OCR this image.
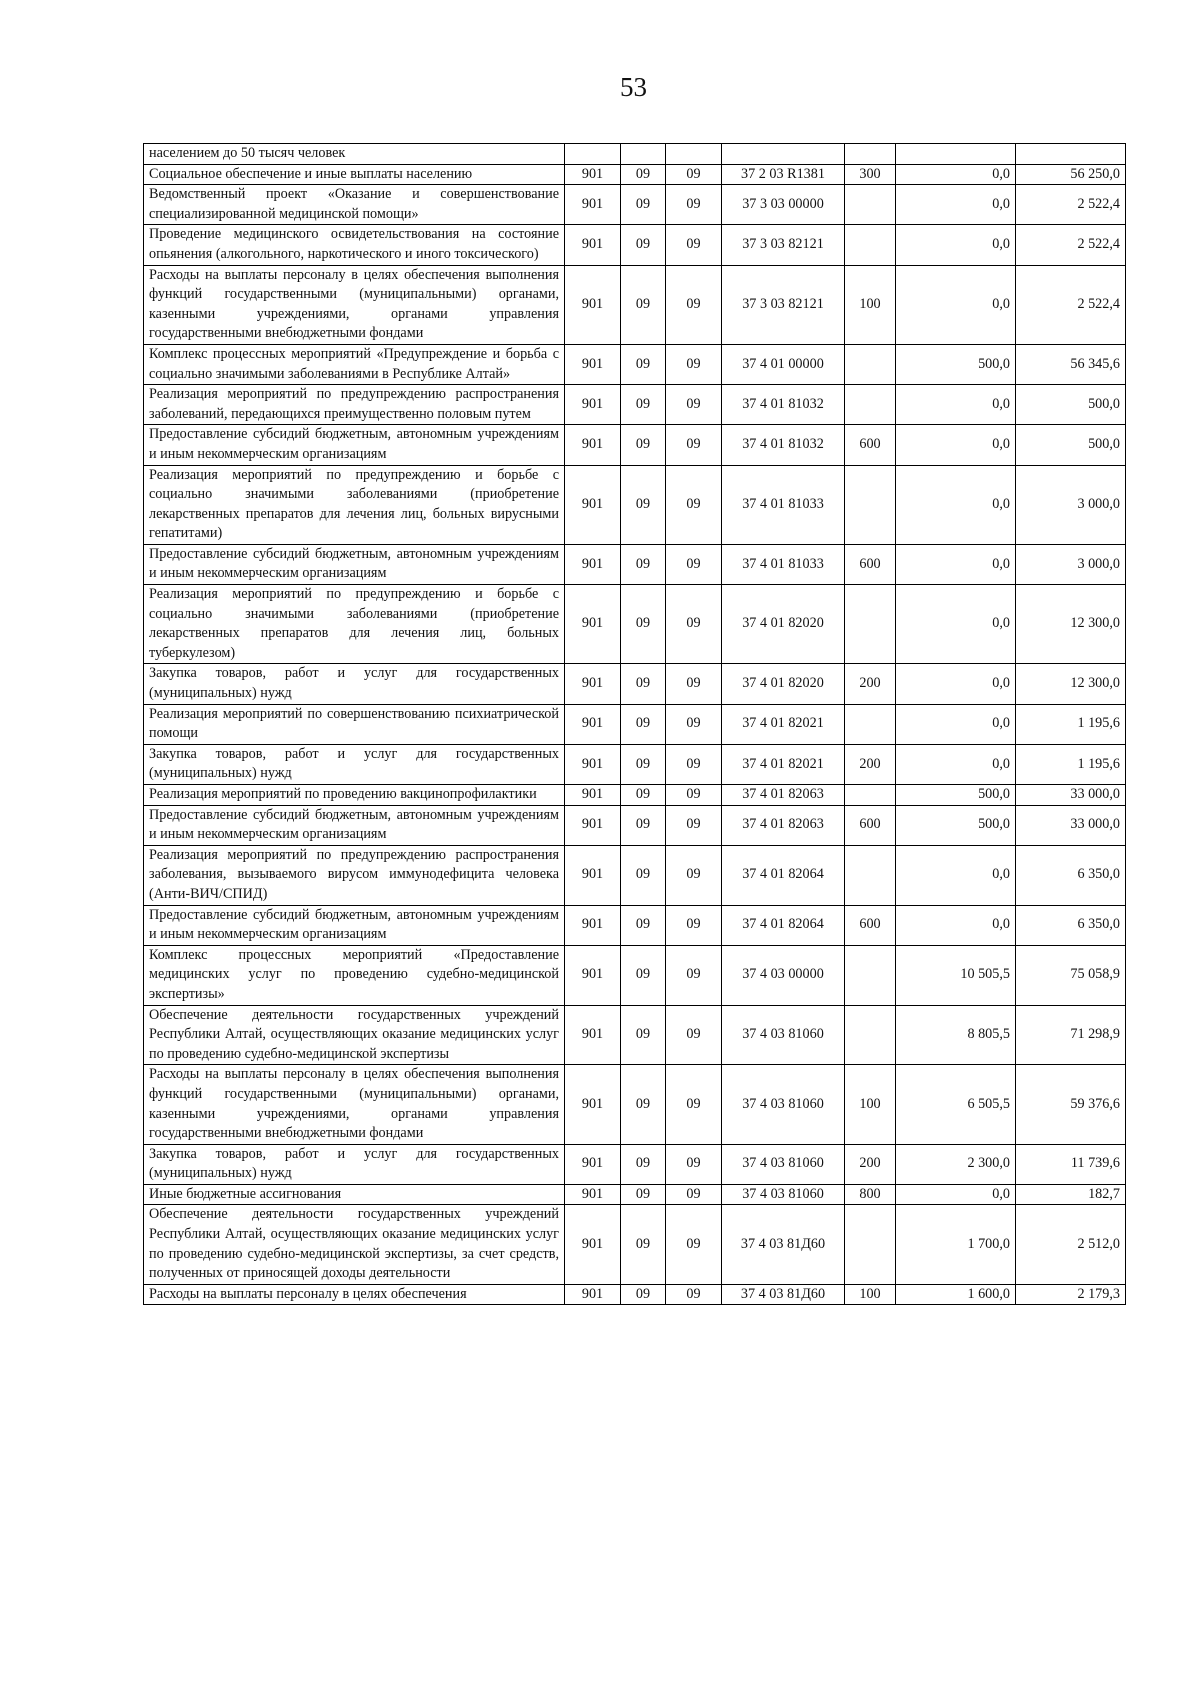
53
населением до 50 тысяч человек							
Социальное обеспечение и иные выплаты населению	901	09	09	37 2 03 R1381	300	0,0	56 250,0
Ведомственный проект «Оказание и совершенствование специализированной медицинской помощи»	901	09	09	37 3 03 00000		0,0	2 522,4
Проведение медицинского освидетельствования на состояние опьянения (алкогольного, наркотического и иного токсического)	901	09	09	37 3 03 82121		0,0	2 522,4
Расходы на выплаты персоналу в целях обеспечения выполнения функций государственными (муниципальными) органами, казенными учреждениями, органами управления государственными внебюджетными фондами	901	09	09	37 3 03 82121	100	0,0	2 522,4
Комплекс процессных мероприятий «Предупреждение и борьба с социально значимыми заболеваниями в Республике Алтай»	901	09	09	37 4 01 00000		500,0	56 345,6
Реализация мероприятий по предупреждению распространения заболеваний, передающихся преимущественно половым путем	901	09	09	37 4 01 81032		0,0	500,0
Предоставление субсидий бюджетным, автономным учреждениям и иным некоммерческим организациям	901	09	09	37 4 01 81032	600	0,0	500,0
Реализация мероприятий по предупреждению и борьбе с социально значимыми заболеваниями (приобретение лекарственных препаратов для лечения лиц, больных вирусными гепатитами)	901	09	09	37 4 01 81033		0,0	3 000,0
Предоставление субсидий бюджетным, автономным учреждениям и иным некоммерческим организациям	901	09	09	37 4 01 81033	600	0,0	3 000,0
Реализация мероприятий по предупреждению и борьбе с социально значимыми заболеваниями (приобретение лекарственных препаратов для лечения лиц, больных туберкулезом)	901	09	09	37 4 01 82020		0,0	12 300,0
Закупка товаров, работ и услуг для государственных (муниципальных) нужд	901	09	09	37 4 01 82020	200	0,0	12 300,0
Реализация мероприятий по совершенствованию психиатрической помощи	901	09	09	37 4 01 82021		0,0	1 195,6
Закупка товаров, работ и услуг для государственных (муниципальных) нужд	901	09	09	37 4 01 82021	200	0,0	1 195,6
Реализация мероприятий по проведению вакцинопрофилактики	901	09	09	37 4 01 82063		500,0	33 000,0
Предоставление субсидий бюджетным, автономным учреждениям и иным некоммерческим организациям	901	09	09	37 4 01 82063	600	500,0	33 000,0
Реализация мероприятий по предупреждению распространения заболевания, вызываемого вирусом иммунодефицита человека (Анти-ВИЧ/СПИД)	901	09	09	37 4 01 82064		0,0	6 350,0
Предоставление субсидий бюджетным, автономным учреждениям и иным некоммерческим организациям	901	09	09	37 4 01 82064	600	0,0	6 350,0
Комплекс процессных мероприятий «Предоставление медицинских услуг по проведению судебно-медицинской экспертизы»	901	09	09	37 4 03 00000		10 505,5	75 058,9
Обеспечение деятельности государственных учреждений Республики Алтай, осуществляющих оказание медицинских услуг по проведению судебно-медицинской экспертизы	901	09	09	37 4 03 81060		8 805,5	71 298,9
Расходы на выплаты персоналу в целях обеспечения выполнения функций государственными (муниципальными) органами, казенными учреждениями, органами управления государственными внебюджетными фондами	901	09	09	37 4 03 81060	100	6 505,5	59 376,6
Закупка товаров, работ и услуг для государственных (муниципальных) нужд	901	09	09	37 4 03 81060	200	2 300,0	11 739,6
Иные бюджетные ассигнования	901	09	09	37 4 03 81060	800	0,0	182,7
Обеспечение деятельности государственных учреждений Республики Алтай, осуществляющих оказание медицинских услуг по проведению судебно-медицинской экспертизы, за счет средств, полученных от приносящей доходы деятельности	901	09	09	37 4 03 81Д60		1 700,0	2 512,0
Расходы на выплаты персоналу в целях обеспечения	901	09	09	37 4 03 81Д60	100	1 600,0	2 179,3
